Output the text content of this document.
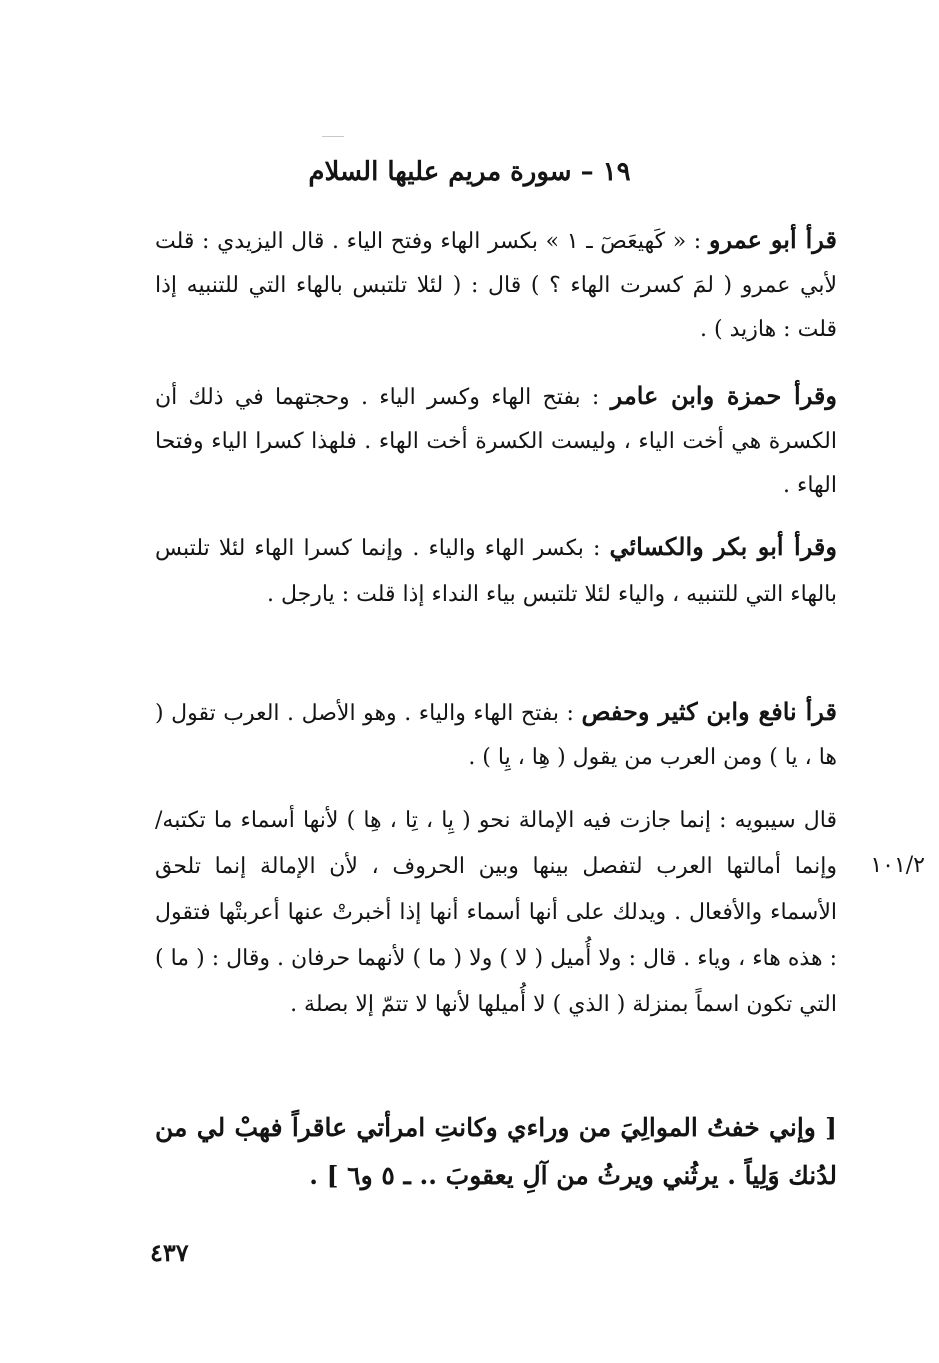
١٩ – سورة مريم عليها السلام
قرأ أبو عمرو : « كَهيعَصٓ ـ ١ » بكسر الهاء وفتح الياء . قال اليزيدي : قلت لأبي عمرو ( لمَ كسرت الهاء ؟ ) قال : ( لئلا تلتبس بالهاء التي للتنبيه إذا قلت : هازيد ) .
وقرأ حمزة وابن عامر : بفتح الهاء وكسر الياء . وحجتهما في ذلك أن الكسرة هي أخت الياء ، وليست الكسرة أخت الهاء . فلهذا كسرا الياء وفتحا الهاء .
وقرأ أبو بكر والكسائي : بكسر الهاء والياء . وإنما كسرا الهاء لئلا تلتبس بالهاء التي للتنبيه ، والياء لئلا تلتبس بياء النداء إذا قلت : يارجل .
قرأ نافع وابن كثير وحفص : بفتح الهاء والياء . وهو الأصل . العرب تقول ( ها ، يا ) ومن العرب من يقول ( هِا ، يِا ) .
قال سيبويه : إنما جازت فيه الإمالة نحو ( يِا ، تِا ، هِا ) لأنها أسماء ما تكتبه/وإنما أمالتها العرب لتفصل بينها وبين الحروف ، لأن الإمالة إنما تلحق الأسماء والأفعال . ويدلك على أنها أسماء أنها إذا أخبرتْ عنها أعربتْها فتقول : هذه هاء ، وياء . قال : ولا أُميل ( لا ) ولا ( ما ) لأنهما حرفان . وقال : ( ما ) التي تكون اسماً بمنزلة ( الذي ) لا أُميلها لأنها لا تتمّ إلا بصلة .
١٠١/٢
[ وإني خفتُ الموالِيَ من وراءي وكانتِ امرأتي عاقراً فهبْ لي من لدُنك وَلِياً . يرثُني ويرثُ من آلِ يعقوبَ .. ـ ٥ و٦ ] .
٤٣٧
